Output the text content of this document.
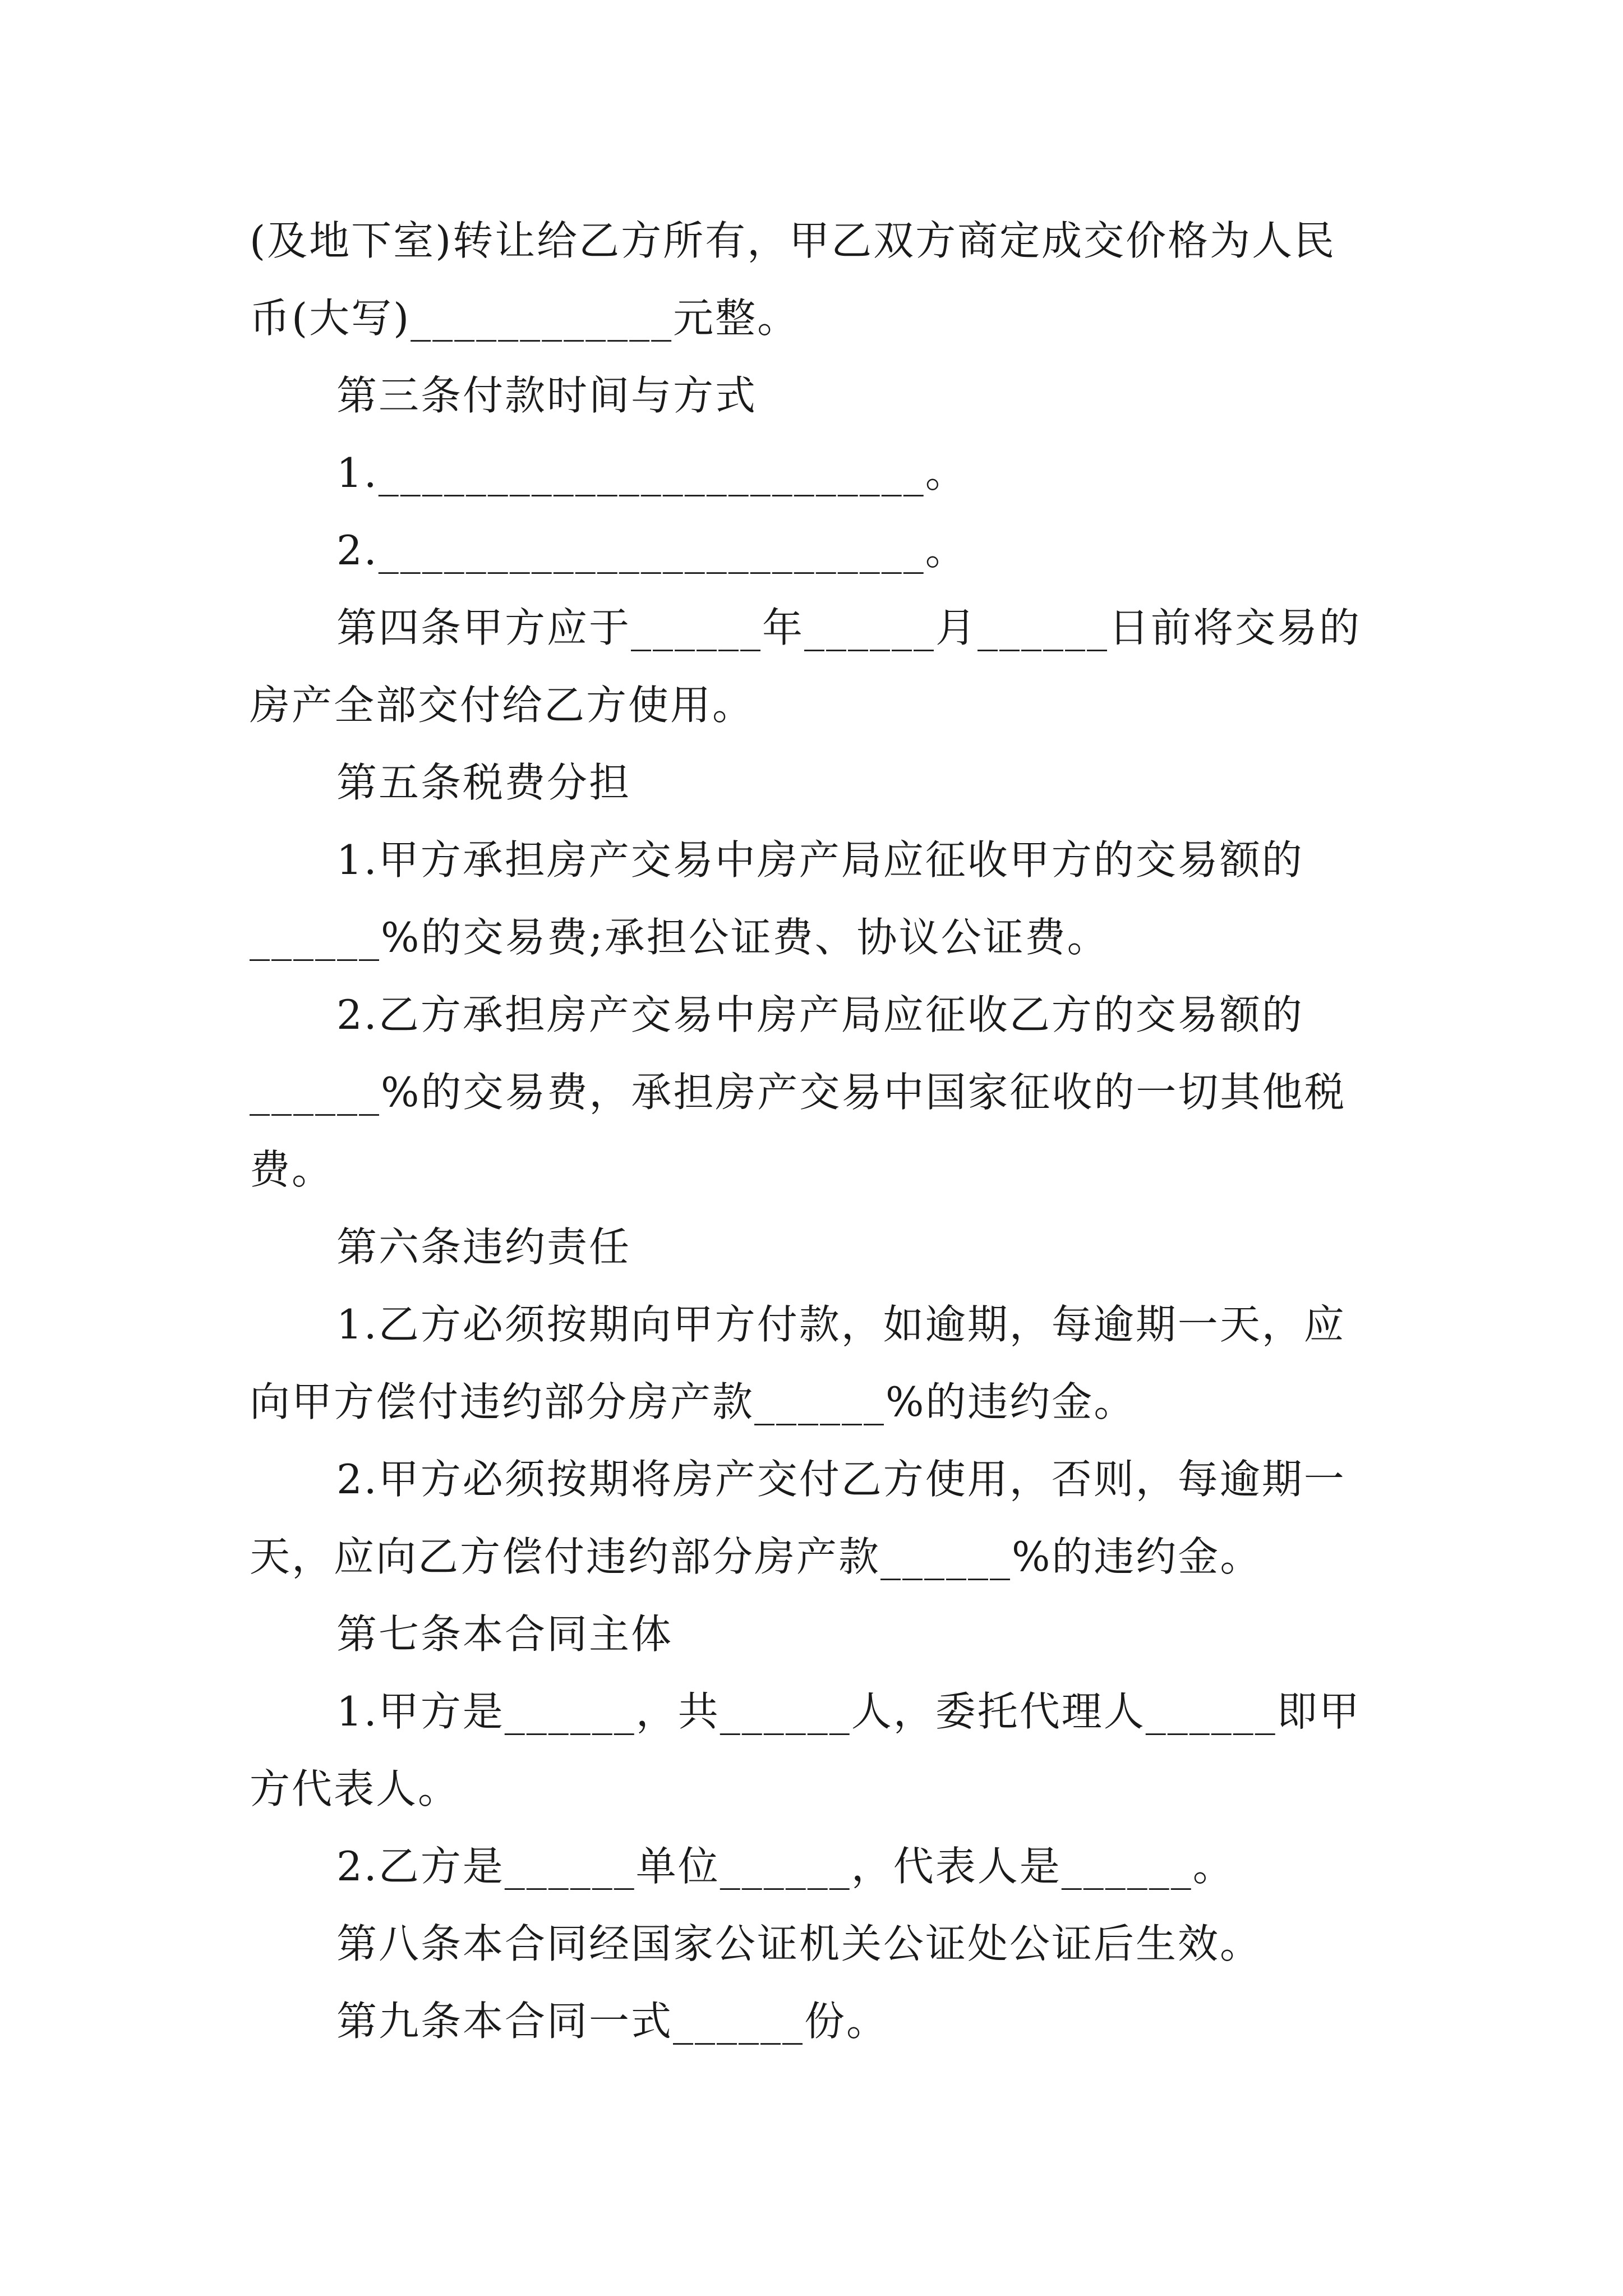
(及地下室)转让给乙方所有，甲乙双方商定成交价格为人民
币(大写)____________元整。
第三条付款时间与方式
1._________________________。
2._________________________。
第四条甲方应于______年______月______日前将交易的
房产全部交付给乙方使用。
第五条税费分担
1.甲方承担房产交易中房产局应征收甲方的交易额的
______%的交易费;承担公证费、协议公证费。
2.乙方承担房产交易中房产局应征收乙方的交易额的
______%的交易费，承担房产交易中国家征收的一切其他税
费。
第六条违约责任
1.乙方必须按期向甲方付款，如逾期，每逾期一天，应
向甲方偿付违约部分房产款______%的违约金。
2.甲方必须按期将房产交付乙方使用，否则，每逾期一
天，应向乙方偿付违约部分房产款______%的违约金。
第七条本合同主体
1.甲方是______，共______人，委托代理人______即甲
方代表人。
2.乙方是______单位______，代表人是______。
第八条本合同经国家公证机关公证处公证后生效。
第九条本合同一式______份。
